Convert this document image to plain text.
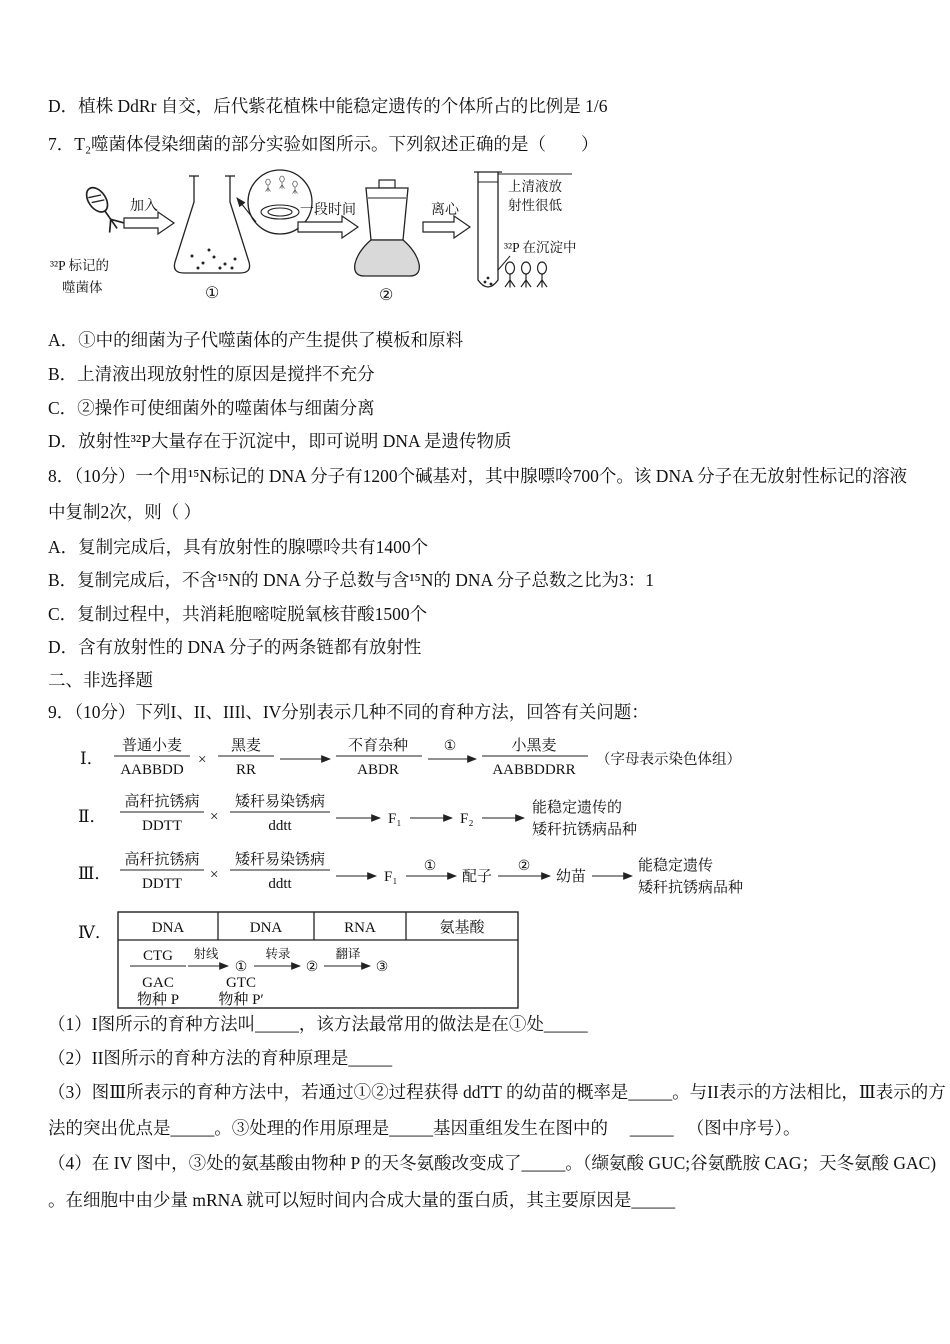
D．植株 DdRr 自交，后代紫花植株中能稳定遗传的个体所占的比例是 1/6
7．T₂噬菌体侵染细菌的部分实验如图所示。下列叙述正确的是（　　）
³²P 标记的
噬菌体
加入
①
一段时间
②
离心
上清液放
射性很低
³²P 在沉淀中
A．①中的细菌为子代噬菌体的产生提供了模板和原料
B．上清液出现放射性的原因是搅拌不充分
C．②操作可使细菌外的噬菌体与细菌分离
D．放射性³²P大量存在于沉淀中，即可说明 DNA 是遗传物质
8．（10分）一个用¹⁵N标记的 DNA 分子有1200个碱基对，其中腺嘌呤700个。该 DNA 分子在无放射性标记的溶液
中复制2次，则（ ）
A．复制完成后，具有放射性的腺嘌呤共有1400个
B．复制完成后，不含¹⁵N的 DNA 分子总数与含¹⁵N的 DNA 分子总数之比为3：1
C．复制过程中，共消耗胞嘧啶脱氧核苷酸1500个
D．含有放射性的 DNA 分子的两条链都有放射性
二、非选择题
9．（10分）下列I、II、IIIl、IV分别表示几种不同的育种方法，回答有关问题：
Ⅰ．
普通小麦
AABBDD
×
黑麦
RR
不育杂种
ABDR
①	小黑麦
AABBDDRR
（字母表示染色体组）
Ⅱ．
高秆抗锈病
DDTT
×
矮秆易染锈病
ddtt	F₁	F₂
能稳定遗传的
矮秆抗锈病品种
Ⅲ．
高秆抗锈病
DDTT
×
矮秆易染锈病
ddtt	F₁
①
配子
②
幼苗
能稳定遗传
矮秆抗锈病品种
Ⅳ．	DNA	DNA	RNA	氨基酸
CTG 射线
①
转录
②
翻译
③
GAC	GTC
物种 P	物种 P′
（1）I图所示的育种方法叫_____，该方法最常用的做法是在①处_____
（2）II图所示的育种方法的育种原理是_____
（3）图Ⅲ所表示的育种方法中，若通过①②过程获得 ddTT 的幼苗的概率是_____。与II表示的方法相比，Ⅲ表示的方
法的突出优点是_____。③处理的作用原理是_____基因重组发生在图中的　 _____ 　（图中序号）。
（4）在 IV 图中，③处的氨基酸由物种 P 的天冬氨酸改变成了_____。（缬氨酸 GUC;谷氨酰胺 CAG；天冬氨酸 GAC)
。在细胞中由少量 mRNA 就可以短时间内合成大量的蛋白质，其主要原因是_____
